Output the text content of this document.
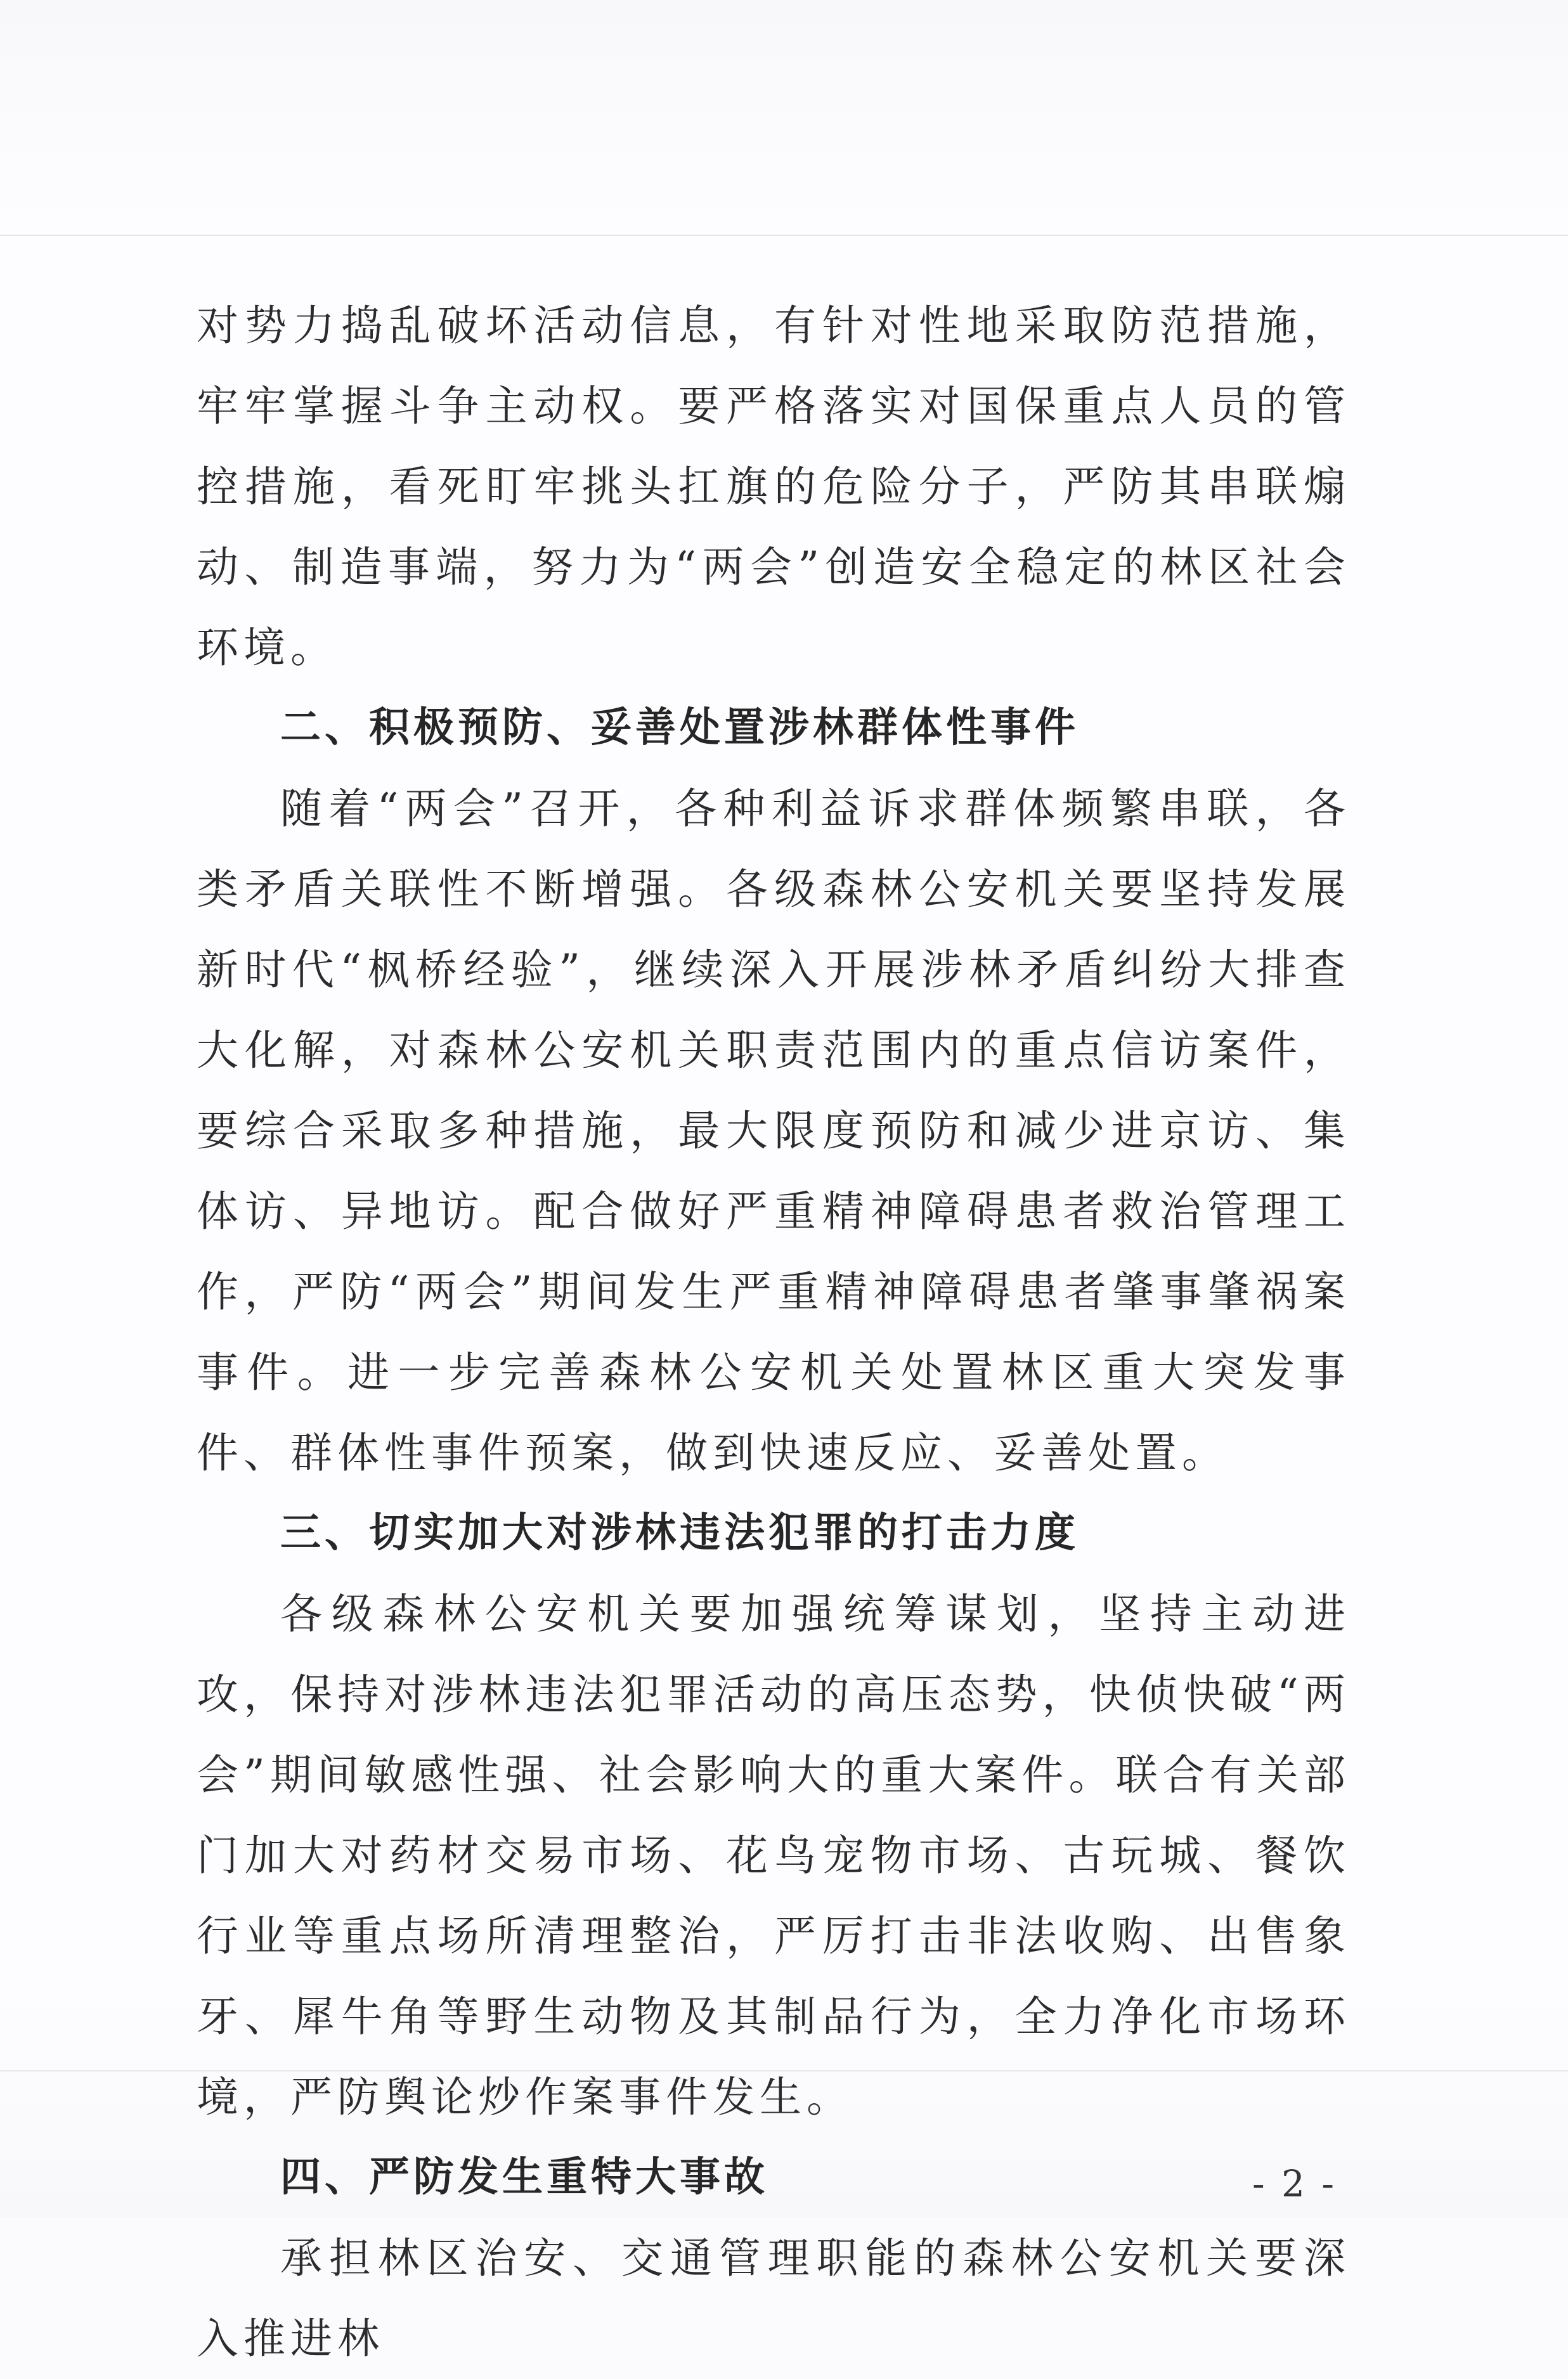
对势力捣乱破坏活动信息，有针对性地采取防范措施，牢牢掌握斗争主动权。要严格落实对国保重点人员的管控措施，看死盯牢挑头扛旗的危险分子，严防其串联煽动、制造事端，努力为“两会”创造安全稳定的林区社会环境。

二、积极预防、妥善处置涉林群体性事件

随着“两会”召开，各种利益诉求群体频繁串联，各类矛盾关联性不断增强。各级森林公安机关要坚持发展新时代“枫桥经验”，继续深入开展涉林矛盾纠纷大排查大化解，对森林公安机关职责范围内的重点信访案件，要综合采取多种措施，最大限度预防和减少进京访、集体访、异地访。配合做好严重精神障碍患者救治管理工作，严防“两会”期间发生严重精神障碍患者肇事肇祸案事件。进一步完善森林公安机关处置林区重大突发事件、群体性事件预案，做到快速反应、妥善处置。

三、切实加大对涉林违法犯罪的打击力度

各级森林公安机关要加强统筹谋划，坚持主动进攻，保持对涉林违法犯罪活动的高压态势，快侦快破“两会”期间敏感性强、社会影响大的重大案件。联合有关部门加大对药材交易市场、花鸟宠物市场、古玩城、餐饮行业等重点场所清理整治，严厉打击非法收购、出售象牙、犀牛角等野生动物及其制品行为，全力净化市场环境，严防舆论炒作案事件发生。

四、严防发生重特大事故

承担林区治安、交通管理职能的森林公安机关要深入推进林

- 2 -
